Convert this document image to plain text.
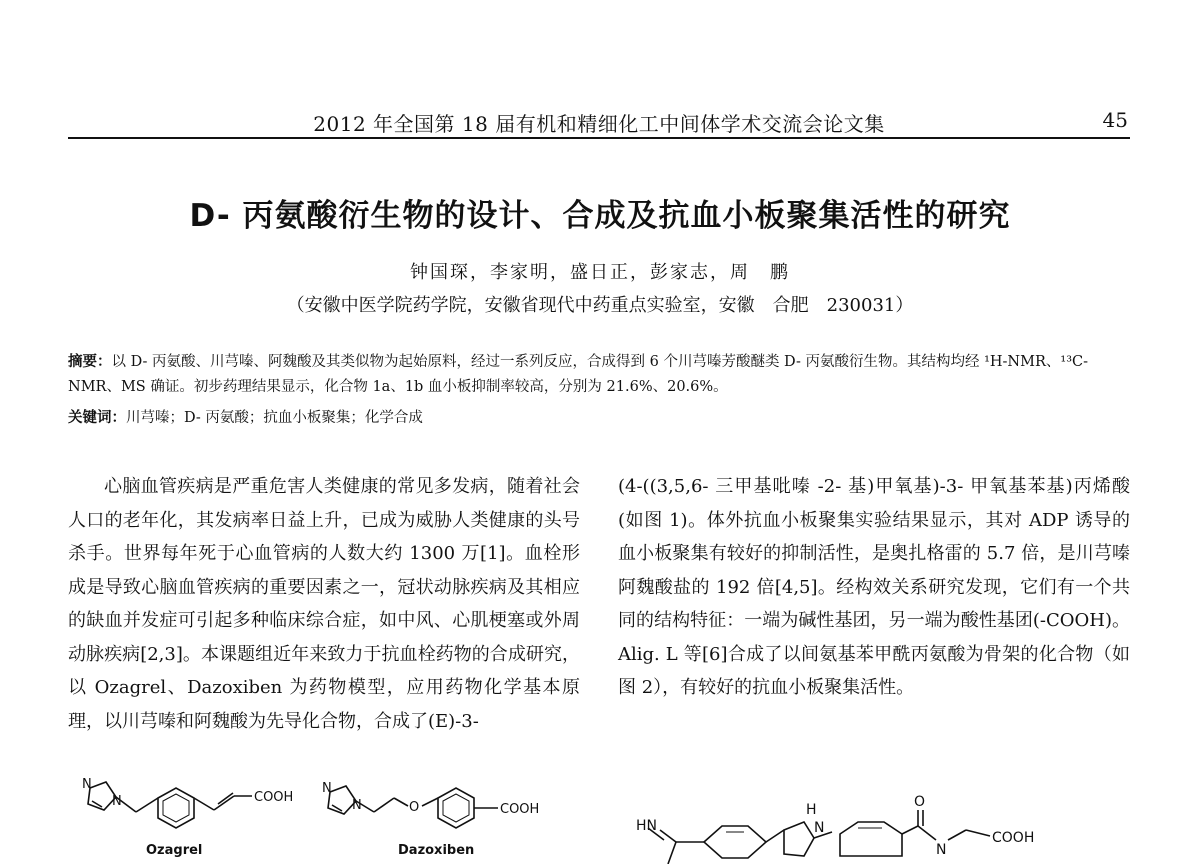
2012 年全国第 18 届有机和精细化工中间体学术交流会论文集	45
D- 丙氨酸衍生物的设计、合成及抗血小板聚集活性的研究
钟国琛，李家明，盛日正，彭家志，周　鹏
（安徽中医学院药学院，安徽省现代中药重点实验室，安徽　合肥　230031）
摘要：以 D- 丙氨酸、川芎嗪、阿魏酸及其类似物为起始原料，经过一系列反应，合成得到 6 个川芎嗪芳酸醚类 D- 丙氨酸衍生物。其结构均经 ¹H-NMR、¹³C-NMR、MS 确证。初步药理结果显示，化合物 1a、1b 血小板抑制率较高，分别为 21.6%、20.6%。
关键词：川芎嗪；D- 丙氨酸；抗血小板聚集；化学合成

心脑血管疾病是严重危害人类健康的常见多发病，随着社会人口的老年化，其发病率日益上升，已成为威胁人类健康的头号杀手。世界每年死于心血管病的人数大约 1300 万[1]。血栓形成是导致心脑血管疾病的重要因素之一，冠状动脉疾病及其相应的缺血并发症可引起多种临床综合症，如中风、心肌梗塞或外周动脉疾病[2,3]。本课题组近年来致力于抗血栓药物的合成研究，以 Ozagrel、Dazoxiben 为药物模型，应用药物化学基本原理，以川芎嗪和阿魏酸为先导化合物，合成了(E)-3-

(4-((3,5,6- 三甲基吡嗪 -2- 基)甲氧基)-3- 甲氧基苯基)丙烯酸(如图 1)。体外抗血小板聚集实验结果显示，其对 ADP 诱导的血小板聚集有较好的抑制活性，是奥扎格雷的 5.7 倍，是川芎嗪阿魏酸盐的 192 倍[4,5]。经构效关系研究发现，它们有一个共同的结构特征：一端为碱性基团，另一端为酸性基团(-COOH)。Alig. L 等[6]合成了以间氨基苯甲酰丙氨酸为骨架的化合物（如图 2），有较好的抗血小板聚集活性。

N
N	COOH
N
N	O	COOH
Ozagrel	Dazoxiben
HN
H
N
O
N
COOH
